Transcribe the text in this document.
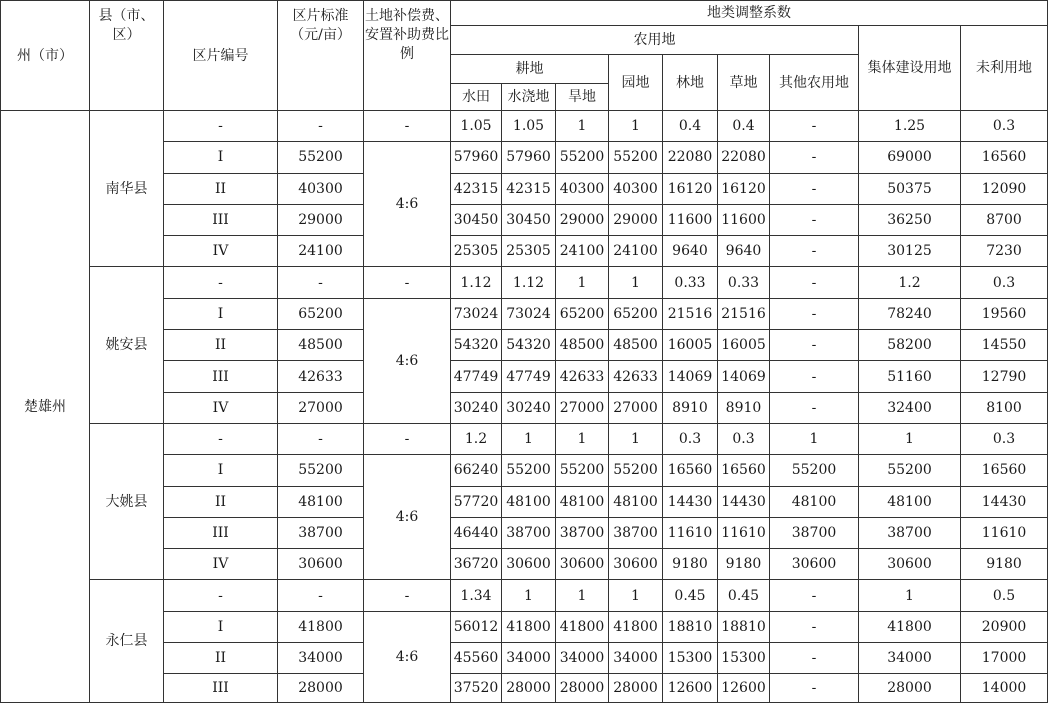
州（市）	县（市、区）	区片编号	区片标准（元/亩）	土地补偿费、安置补助费比例	地类调整系数								
					农用地							集体建设用地	未利用地
					耕地			园地	林地	草地	其他农用地		
					水田	水浇地	旱地						
楚雄州	南华县	-	-	-	1.05	1.05	1	1	0.4	0.4	-	1.25	0.3
		I	55200	4:6	57960	57960	55200	55200	22080	22080	-	69000	16560
		II	40300		42315	42315	40300	40300	16120	16120	-	50375	12090
		III	29000		30450	30450	29000	29000	11600	11600	-	36250	8700
		IV	24100		25305	25305	24100	24100	9640	9640	-	30125	7230
	姚安县	-	-	-	1.12	1.12	1	1	0.33	0.33	-	1.2	0.3
		I	65200	4:6	73024	73024	65200	65200	21516	21516	-	78240	19560
		II	48500		54320	54320	48500	48500	16005	16005	-	58200	14550
		III	42633		47749	47749	42633	42633	14069	14069	-	51160	12790
		IV	27000		30240	30240	27000	27000	8910	8910	-	32400	8100
	大姚县	-	-	-	1.2	1	1	1	0.3	0.3	1	1	0.3
		I	55200	4:6	66240	55200	55200	55200	16560	16560	55200	55200	16560
		II	48100		57720	48100	48100	48100	14430	14430	48100	48100	14430
		III	38700		46440	38700	38700	38700	11610	11610	38700	38700	11610
		IV	30600		36720	30600	30600	30600	9180	9180	30600	30600	9180
	永仁县	-	-	-	1.34	1	1	1	0.45	0.45	-	1	0.5
		I	41800	4:6	56012	41800	41800	41800	18810	18810	-	41800	20900
		II	34000		45560	34000	34000	34000	15300	15300	-	34000	17000
		III	28000		37520	28000	28000	28000	12600	12600	-	28000	14000
